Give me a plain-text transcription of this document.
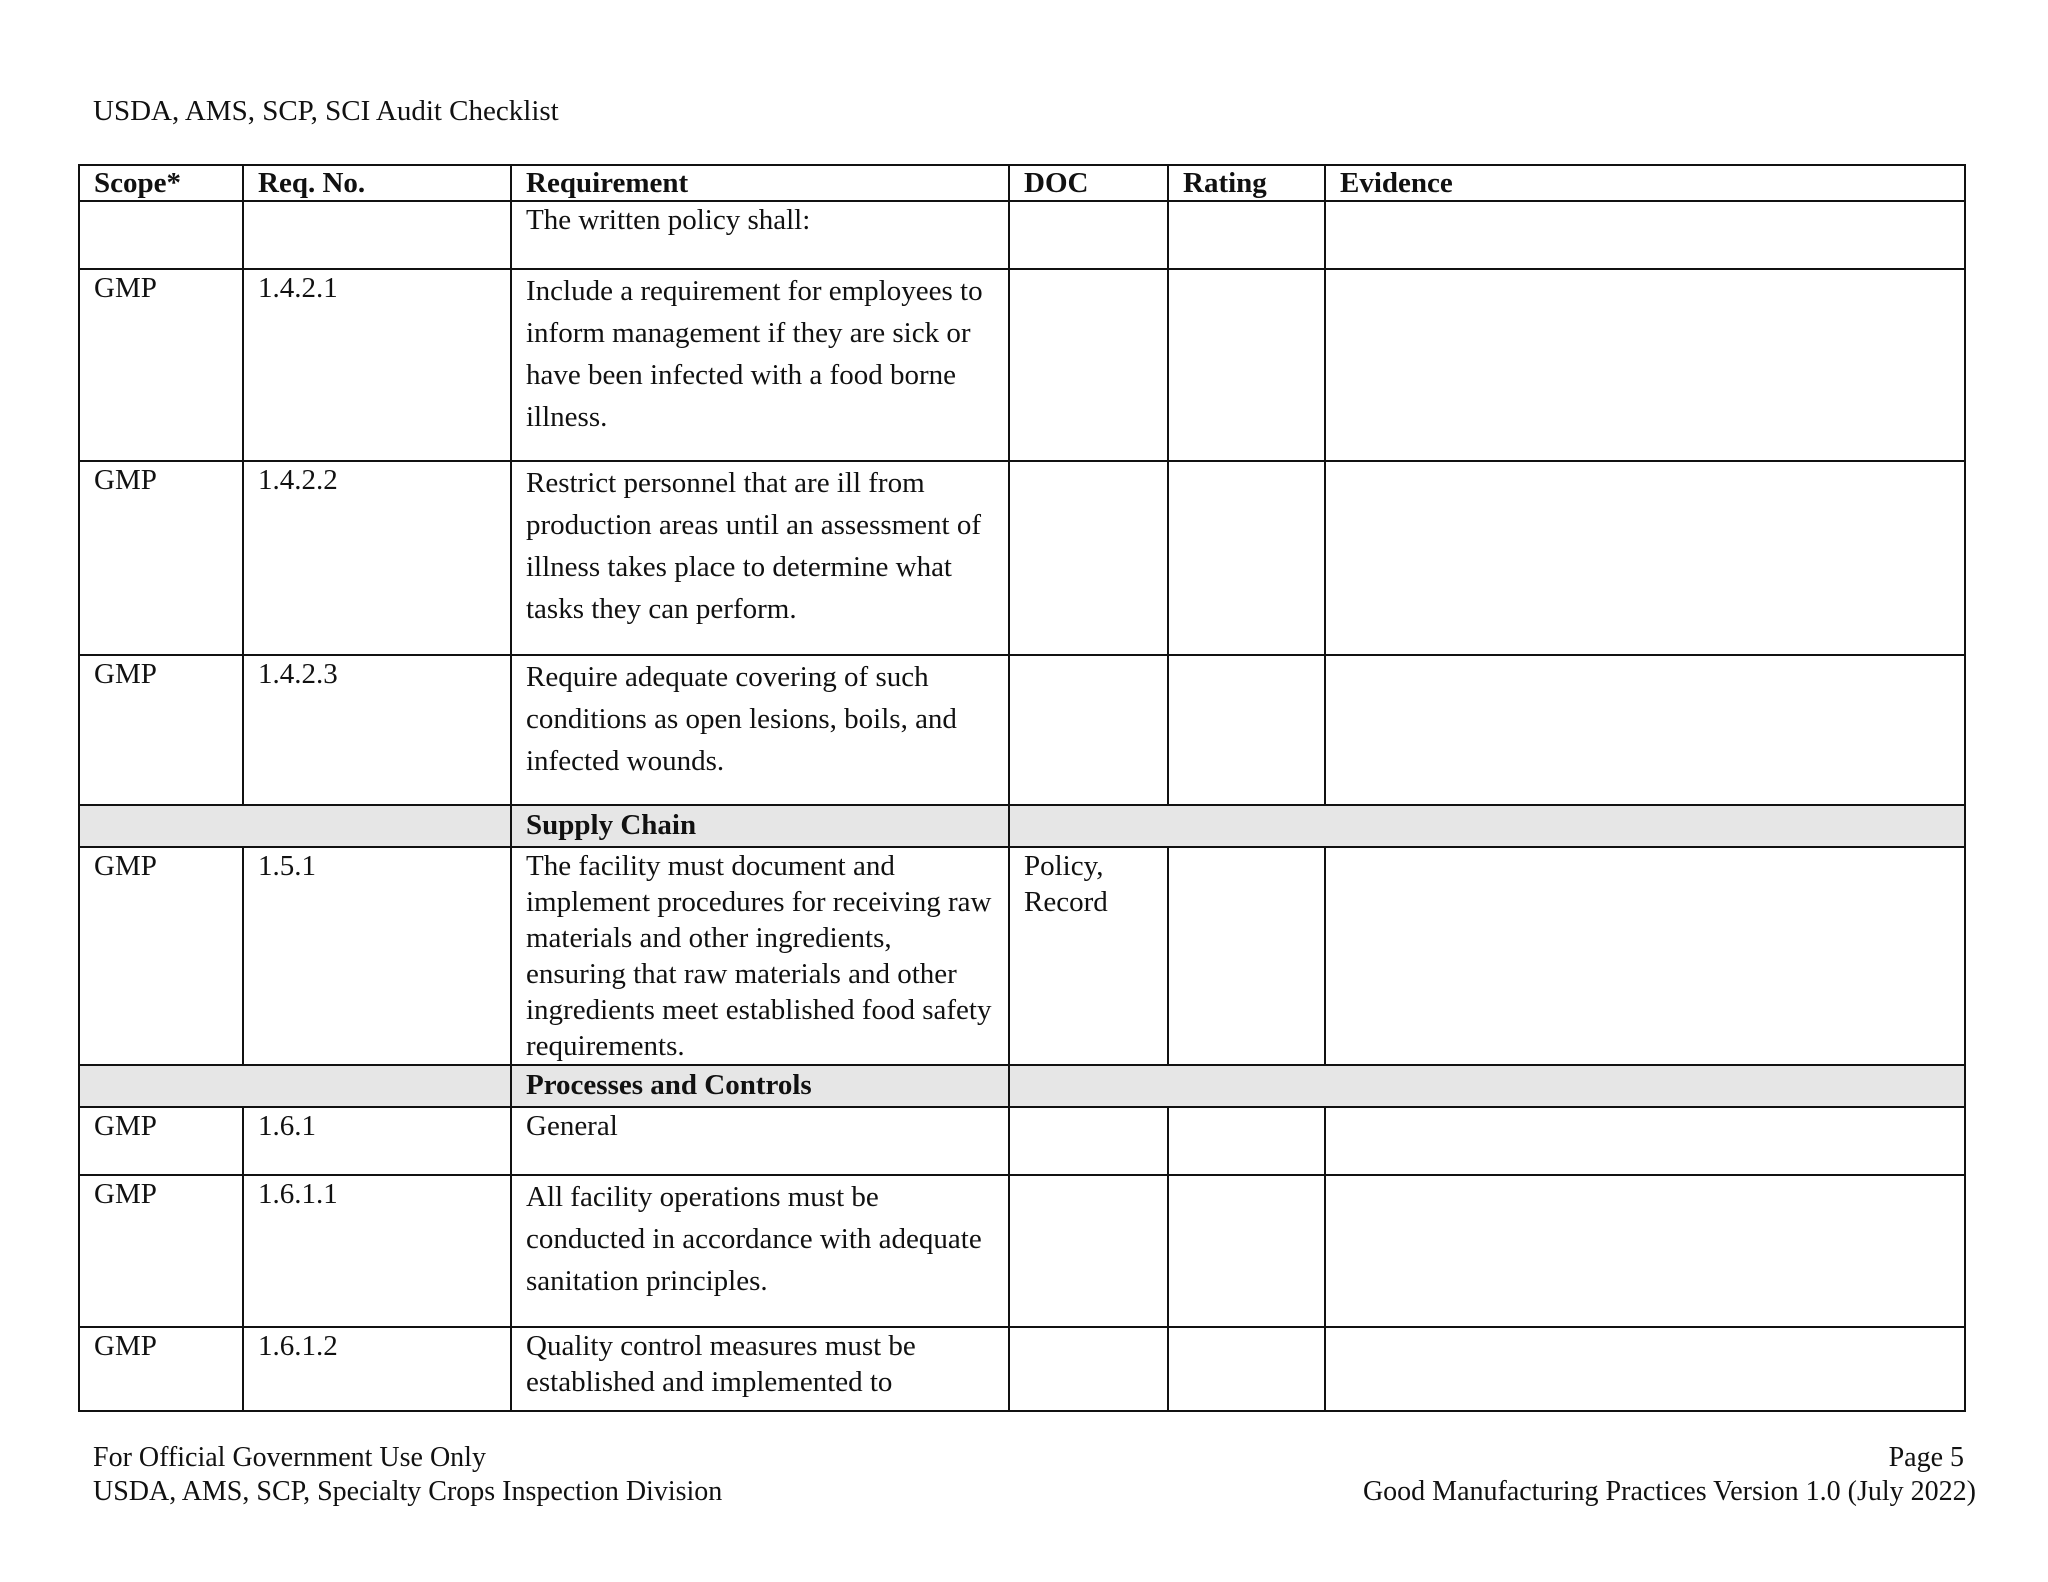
USDA, AMS, SCP, SCI Audit Checklist
Scope*	Req. No.	Requirement	DOC	Rating	Evidence
		The written policy shall:			
GMP	1.4.2.1	Include a requirement for employees to inform management if they are sick or have been infected with a food borne illness.			
GMP	1.4.2.2	Restrict personnel that are ill from production areas until an assessment of illness takes place to determine what tasks they can perform.			
GMP	1.4.2.3	Require adequate covering of such conditions as open lesions, boils, and infected wounds.			
		Supply Chain			
GMP	1.5.1	The facility must document and implement procedures for receiving raw materials and other ingredients, ensuring that raw materials and other ingredients meet established food safety requirements.	Policy, Record		
		Processes and Controls			
GMP	1.6.1	General			
GMP	1.6.1.1	All facility operations must be conducted in accordance with adequate sanitation principles.			
GMP	1.6.1.2	Quality control measures must be established and implemented to			
For Official Government Use Only
USDA, AMS, SCP, Specialty Crops Inspection Division
Page 5
Good Manufacturing Practices Version 1.0 (July 2022)
